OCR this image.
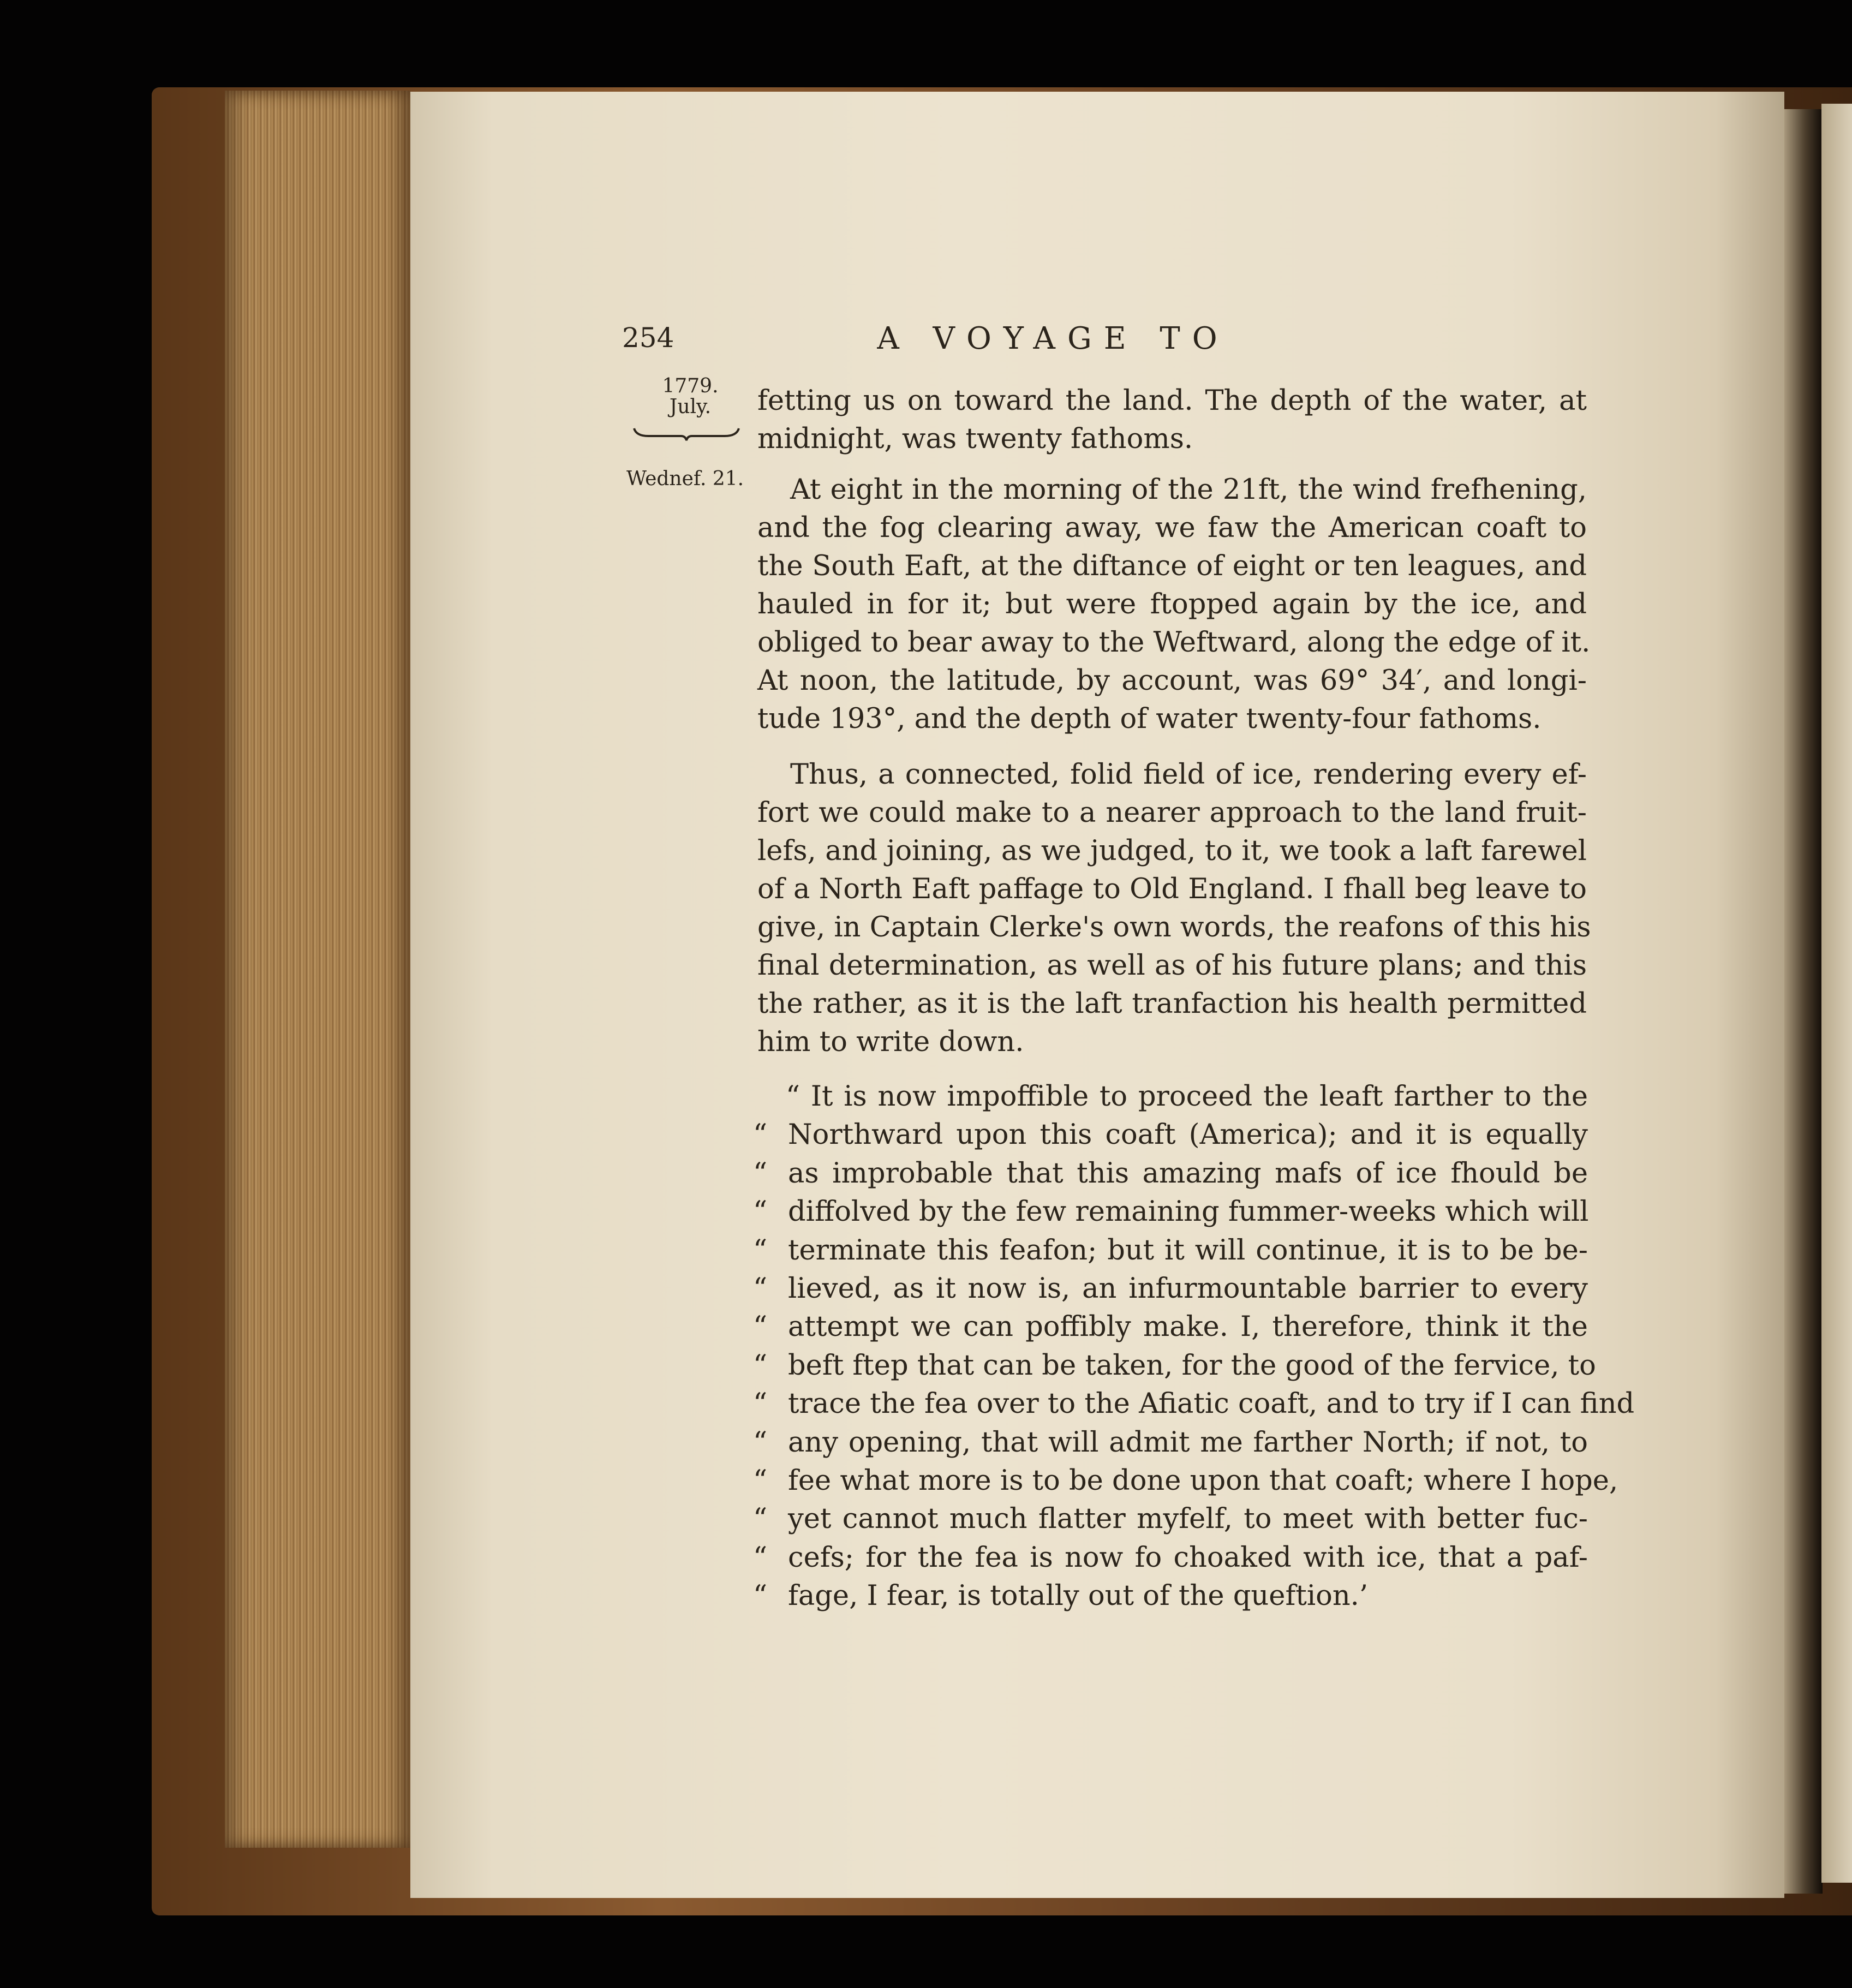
254	A VOYAGE TO
1779.
July.
Wednef. 21.

fetting us on toward the land. The depth of the water, at

midnight, was twenty fathoms.

At eight in the morning of the 21ft, the wind frefhening,

and the fog clearing away, we faw the American coaft to

the South Eaft, at the diftance of eight or ten leagues, and

hauled in for it; but were ftopped again by the ice, and

obliged to bear away to the Weftward, along the edge of it.

At noon, the latitude, by account, was 69° 34′, and longi-

tude 193°, and the depth of water twenty-four fathoms.

Thus, a connected, folid field of ice, rendering every ef-

fort we could make to a nearer approach to the land fruit-

lefs, and joining, as we judged, to it, we took a laft farewel

of a North Eaft paffage to Old England. I fhall beg leave to

give, in Captain Clerke's own words, the reafons of this his

final determination, as well as of his future plans; and this

the rather, as it is the laft tranfaction his health permitted

him to write down.

“ It is now impoffible to proceed the leaft farther to the
“ Northward upon this coaft (America); and it is equally
“ as improbable that this amazing mafs of ice fhould be
“ diffolved by the few remaining fummer-weeks which will
“ terminate this feafon; but it will continue, it is to be be-
“ lieved, as it now is, an infurmountable barrier to every
“ attempt we can poffibly make. I, therefore, think it the
“ beft ftep that can be taken, for the good of the fervice, to
“ trace the fea over to the Afiatic coaft, and to try if I can find
“ any opening, that will admit me farther North; if not, to
“ fee what more is to be done upon that coaft; where I hope,
“ yet cannot much flatter myfelf, to meet with better fuc-
“ cefs; for the fea is now fo choaked with ice, that a paf-
“ fage, I fear, is totally out of the queftion.’
